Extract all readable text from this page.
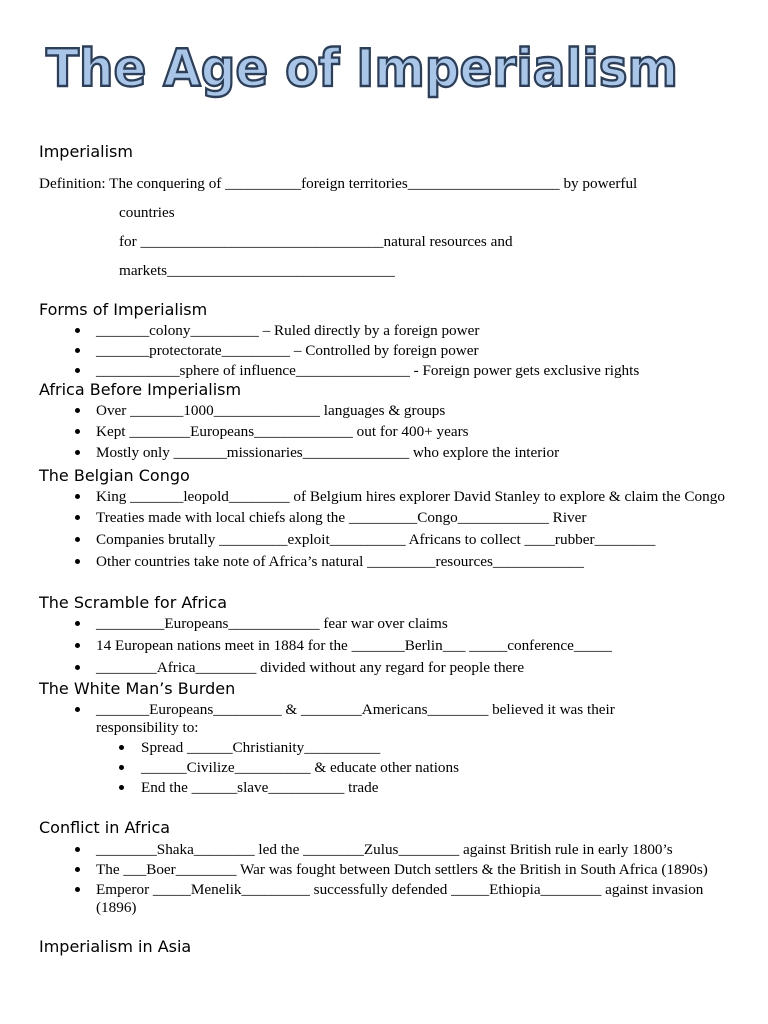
The Age of Imperialism
Imperialism
Definition: The conquering of __________foreign territories____________________ by powerful
countries
for ________________________________natural resources and
markets______________________________
Forms of Imperialism
_______colony_________ – Ruled directly by a foreign power
_______protectorate_________ – Controlled by foreign power
___________sphere of influence_______________ - Foreign power gets exclusive rights
Africa Before Imperialism
Over _______1000______________ languages & groups
Kept ________Europeans_____________ out for 400+ years
Mostly only _______missionaries______________ who explore the interior
The Belgian Congo
King _______leopold________ of Belgium hires explorer David Stanley to explore & claim the Congo
Treaties made with local chiefs along the _________Congo____________ River
Companies brutally _________exploit__________ Africans to collect ____rubber________
Other countries take note of Africa’s natural _________resources____________
The Scramble for Africa
_________Europeans____________ fear war over claims
14 European nations meet in 1884 for the _______Berlin___ _____conference_____
________Africa________ divided without any regard for people there
The White Man’s Burden
_______Europeans_________ & ________Americans________ believed it was their responsibility to:
Spread ______Christianity__________
______Civilize__________ & educate other nations
End the ______slave__________ trade
Conflict in Africa
________Shaka________ led the ________Zulus________ against British rule in early 1800’s
The ___Boer________ War was fought between Dutch settlers & the British in South Africa (1890s)
Emperor _____Menelik_________ successfully defended _____Ethiopia________ against invasion (1896)
Imperialism in Asia
